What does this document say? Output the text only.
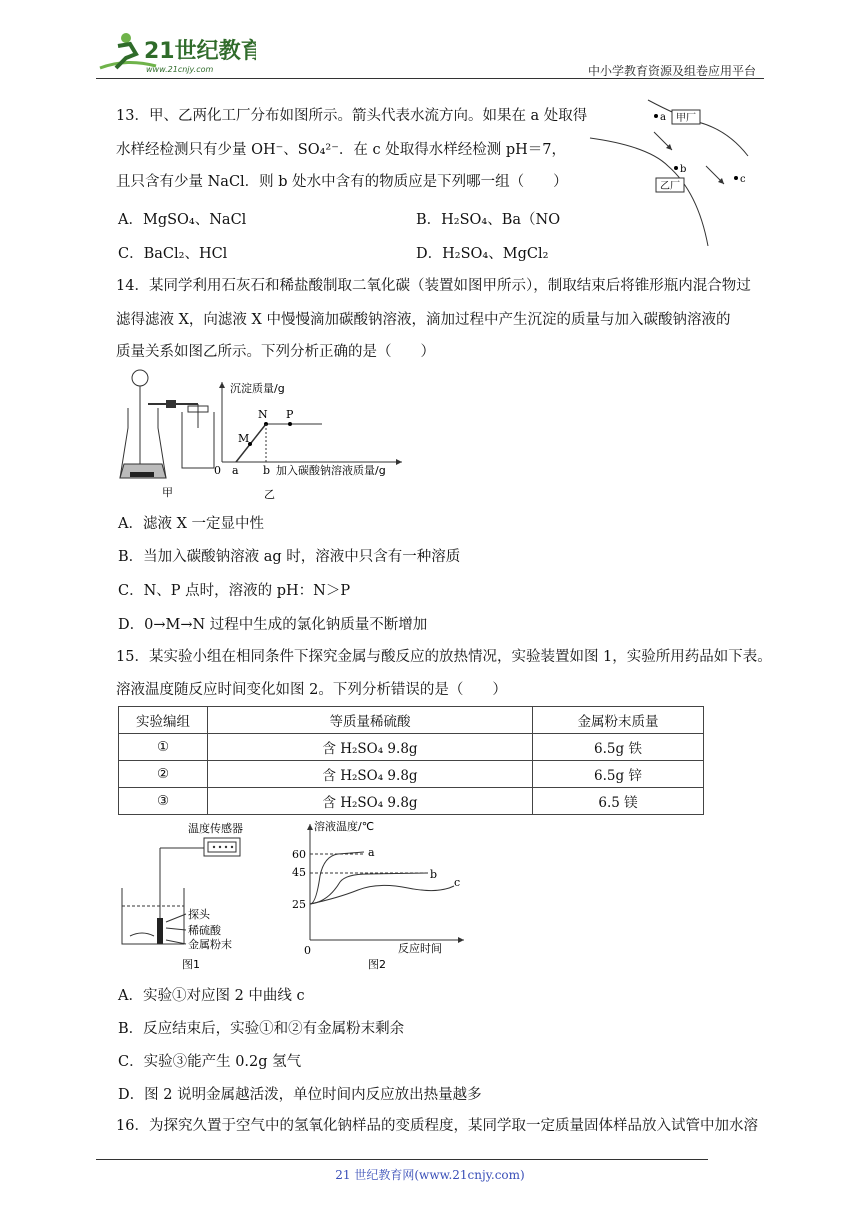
21世纪教育
www.21cnjy.com	中小学教育资源及组卷应用平台
13．甲、乙两化工厂分布如图所示。箭头代表水流方向。如果在 a 处取得
水样经检测只有少量 OH⁻、SO₄²⁻．在 c 处取得水样经检测 pH＝7，
且只含有少量 NaCl．则 b 处水中含有的物质应是下列哪一组（　　）
A．MgSO₄、NaCl	B．H₂SO₄、Ba（NO
C．BaCl₂、HCl	D．H₂SO₄、MgCl₂
a 甲厂
b
乙厂
c
14．某同学利用石灰石和稀盐酸制取二氧化碳（装置如图甲所示），制取结束后将锥形瓶内混合物过
滤得滤液 X，向滤液 X 中慢慢滴加碳酸钠溶液，滴加过程中产生沉淀的质量与加入碳酸钠溶液的
质量关系如图乙所示。下列分析正确的是（　　）
甲
沉淀质量/g
0
M
N P
a b 加入碳酸钠溶液质量/g
乙
A．滤液 X 一定显中性
B．当加入碳酸钠溶液 ag 时，溶液中只含有一种溶质
C．N、P 点时，溶液的 pH：N＞P
D．0→M→N 过程中生成的氯化钠质量不断增加
15．某实验小组在相同条件下探究金属与酸反应的放热情况，实验装置如图 1，实验所用药品如下表。
溶液温度随反应时间变化如图 2。下列分析错误的是（　　）
实验编组	等质量稀硫酸	金属粉末质量
①	含 H₂SO₄ 9.8g	6.5g 铁
②	含 H₂SO₄ 9.8g	6.5g 锌
③	含 H₂SO₄ 9.8g	6.5 镁
温度传感器
探头
稀硫酸
金属粉末
图1
溶液温度/℃
60
45
25
0
a
b
c
反应时间
图2
A．实验①对应图 2 中曲线 c
B．反应结束后，实验①和②有金属粉末剩余
C．实验③能产生 0.2g 氢气
D．图 2 说明金属越活泼，单位时间内反应放出热量越多
16．为探究久置于空气中的氢氧化钠样品的变质程度，某同学取一定质量固体样品放入试管中加水溶
21 世纪教育网(www.21cnjy.com)
